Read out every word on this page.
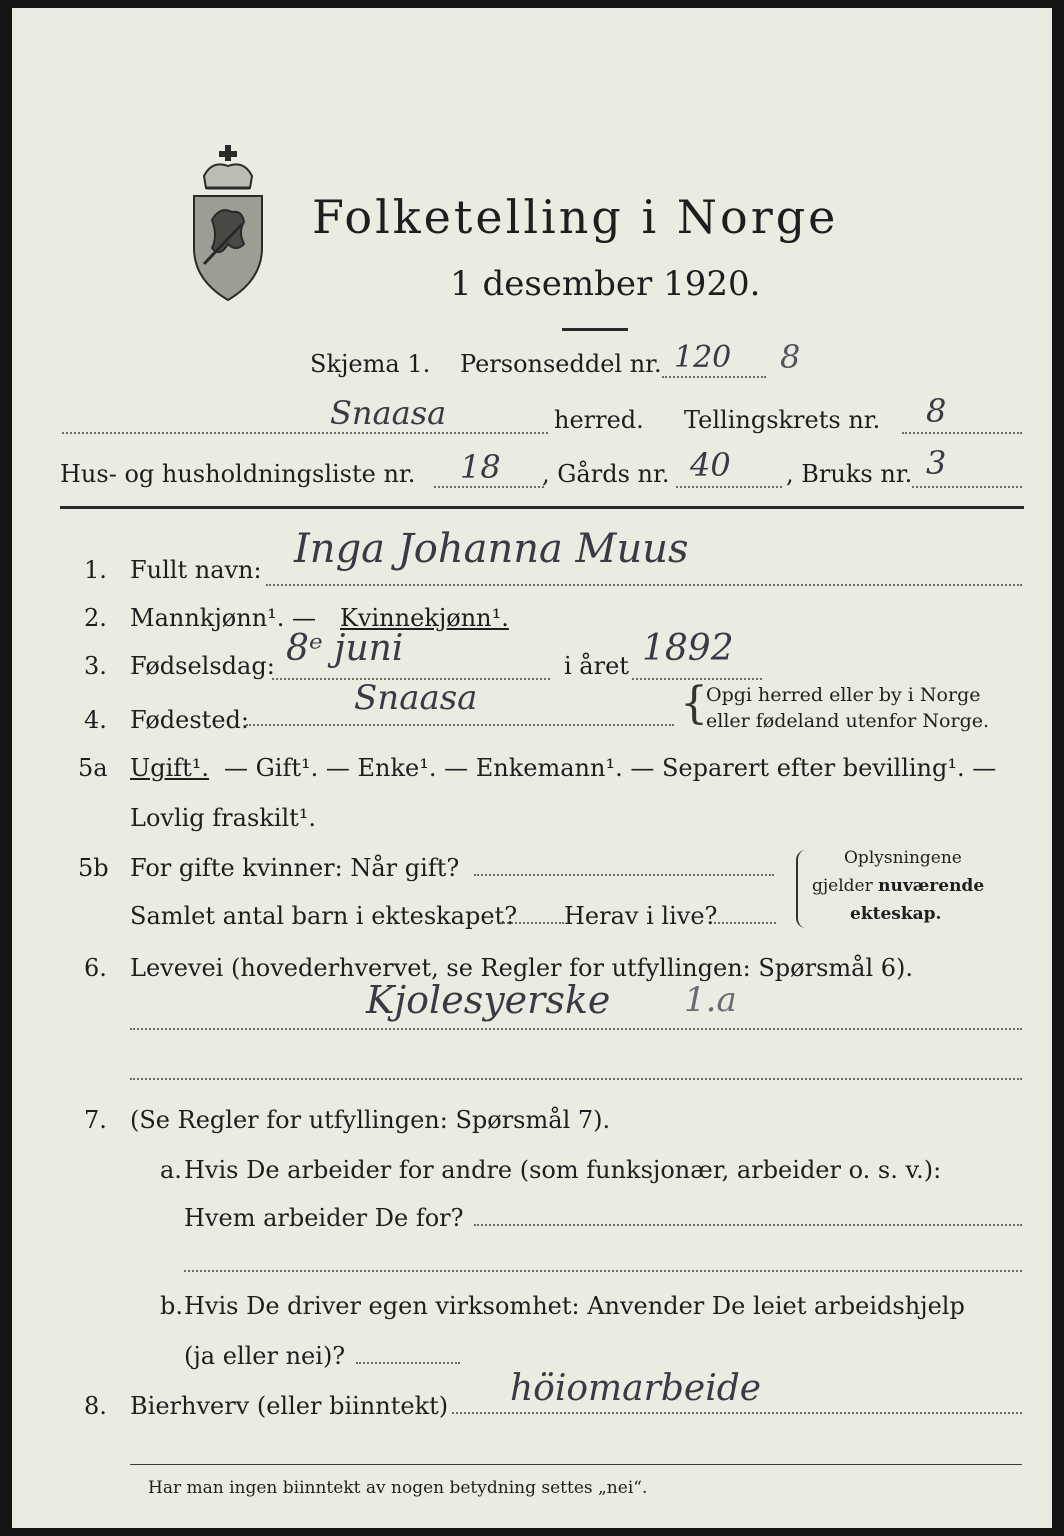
Folketelling i Norge
1 desember 1920.
Skjema 1. Personseddel nr. 120 8
Snaasa	herred. Tellingskrets nr. 8
Hus- og husholdningsliste nr. 18 , Gårds nr. 40 , Bruks nr. 3
1. Fullt navn: Inga Johanna Muus
2. Mannkjønn¹. — Kvinnekjønn¹.
3. Fødselsdag: 8ᵉ juni	i året 1892
4. Fødested:
Snaasa	{
Opgi herred eller by i Norge
eller fødeland utenfor Norge.
5a Ugift¹. — Gift¹. — Enke¹. — Enkemann¹. — Separert efter bevilling¹. —
Lovlig fraskilt¹.
5b For gifte kvinner: Når gift?
Samlet antal barn i ekteskapet? Herav i live?
Oplysningene
gjelder nuværende
ekteskap.
6. Levevei (hovederhvervet, se Regler for utfyllingen: Spørsmål 6).
Kjolesyerske 1.a
7. (Se Regler for utfyllingen: Spørsmål 7).
a. Hvis De arbeider for andre (som funksjonær, arbeider o. s. v.):
Hvem arbeider De for?
b. Hvis De driver egen virksomhet: Anvender De leiet arbeidshjelp
(ja eller nei)?
8. Bierhverv (eller biinntekt) höiomarbeide
Har man ingen biinntekt av nogen betydning settes „nei“.
